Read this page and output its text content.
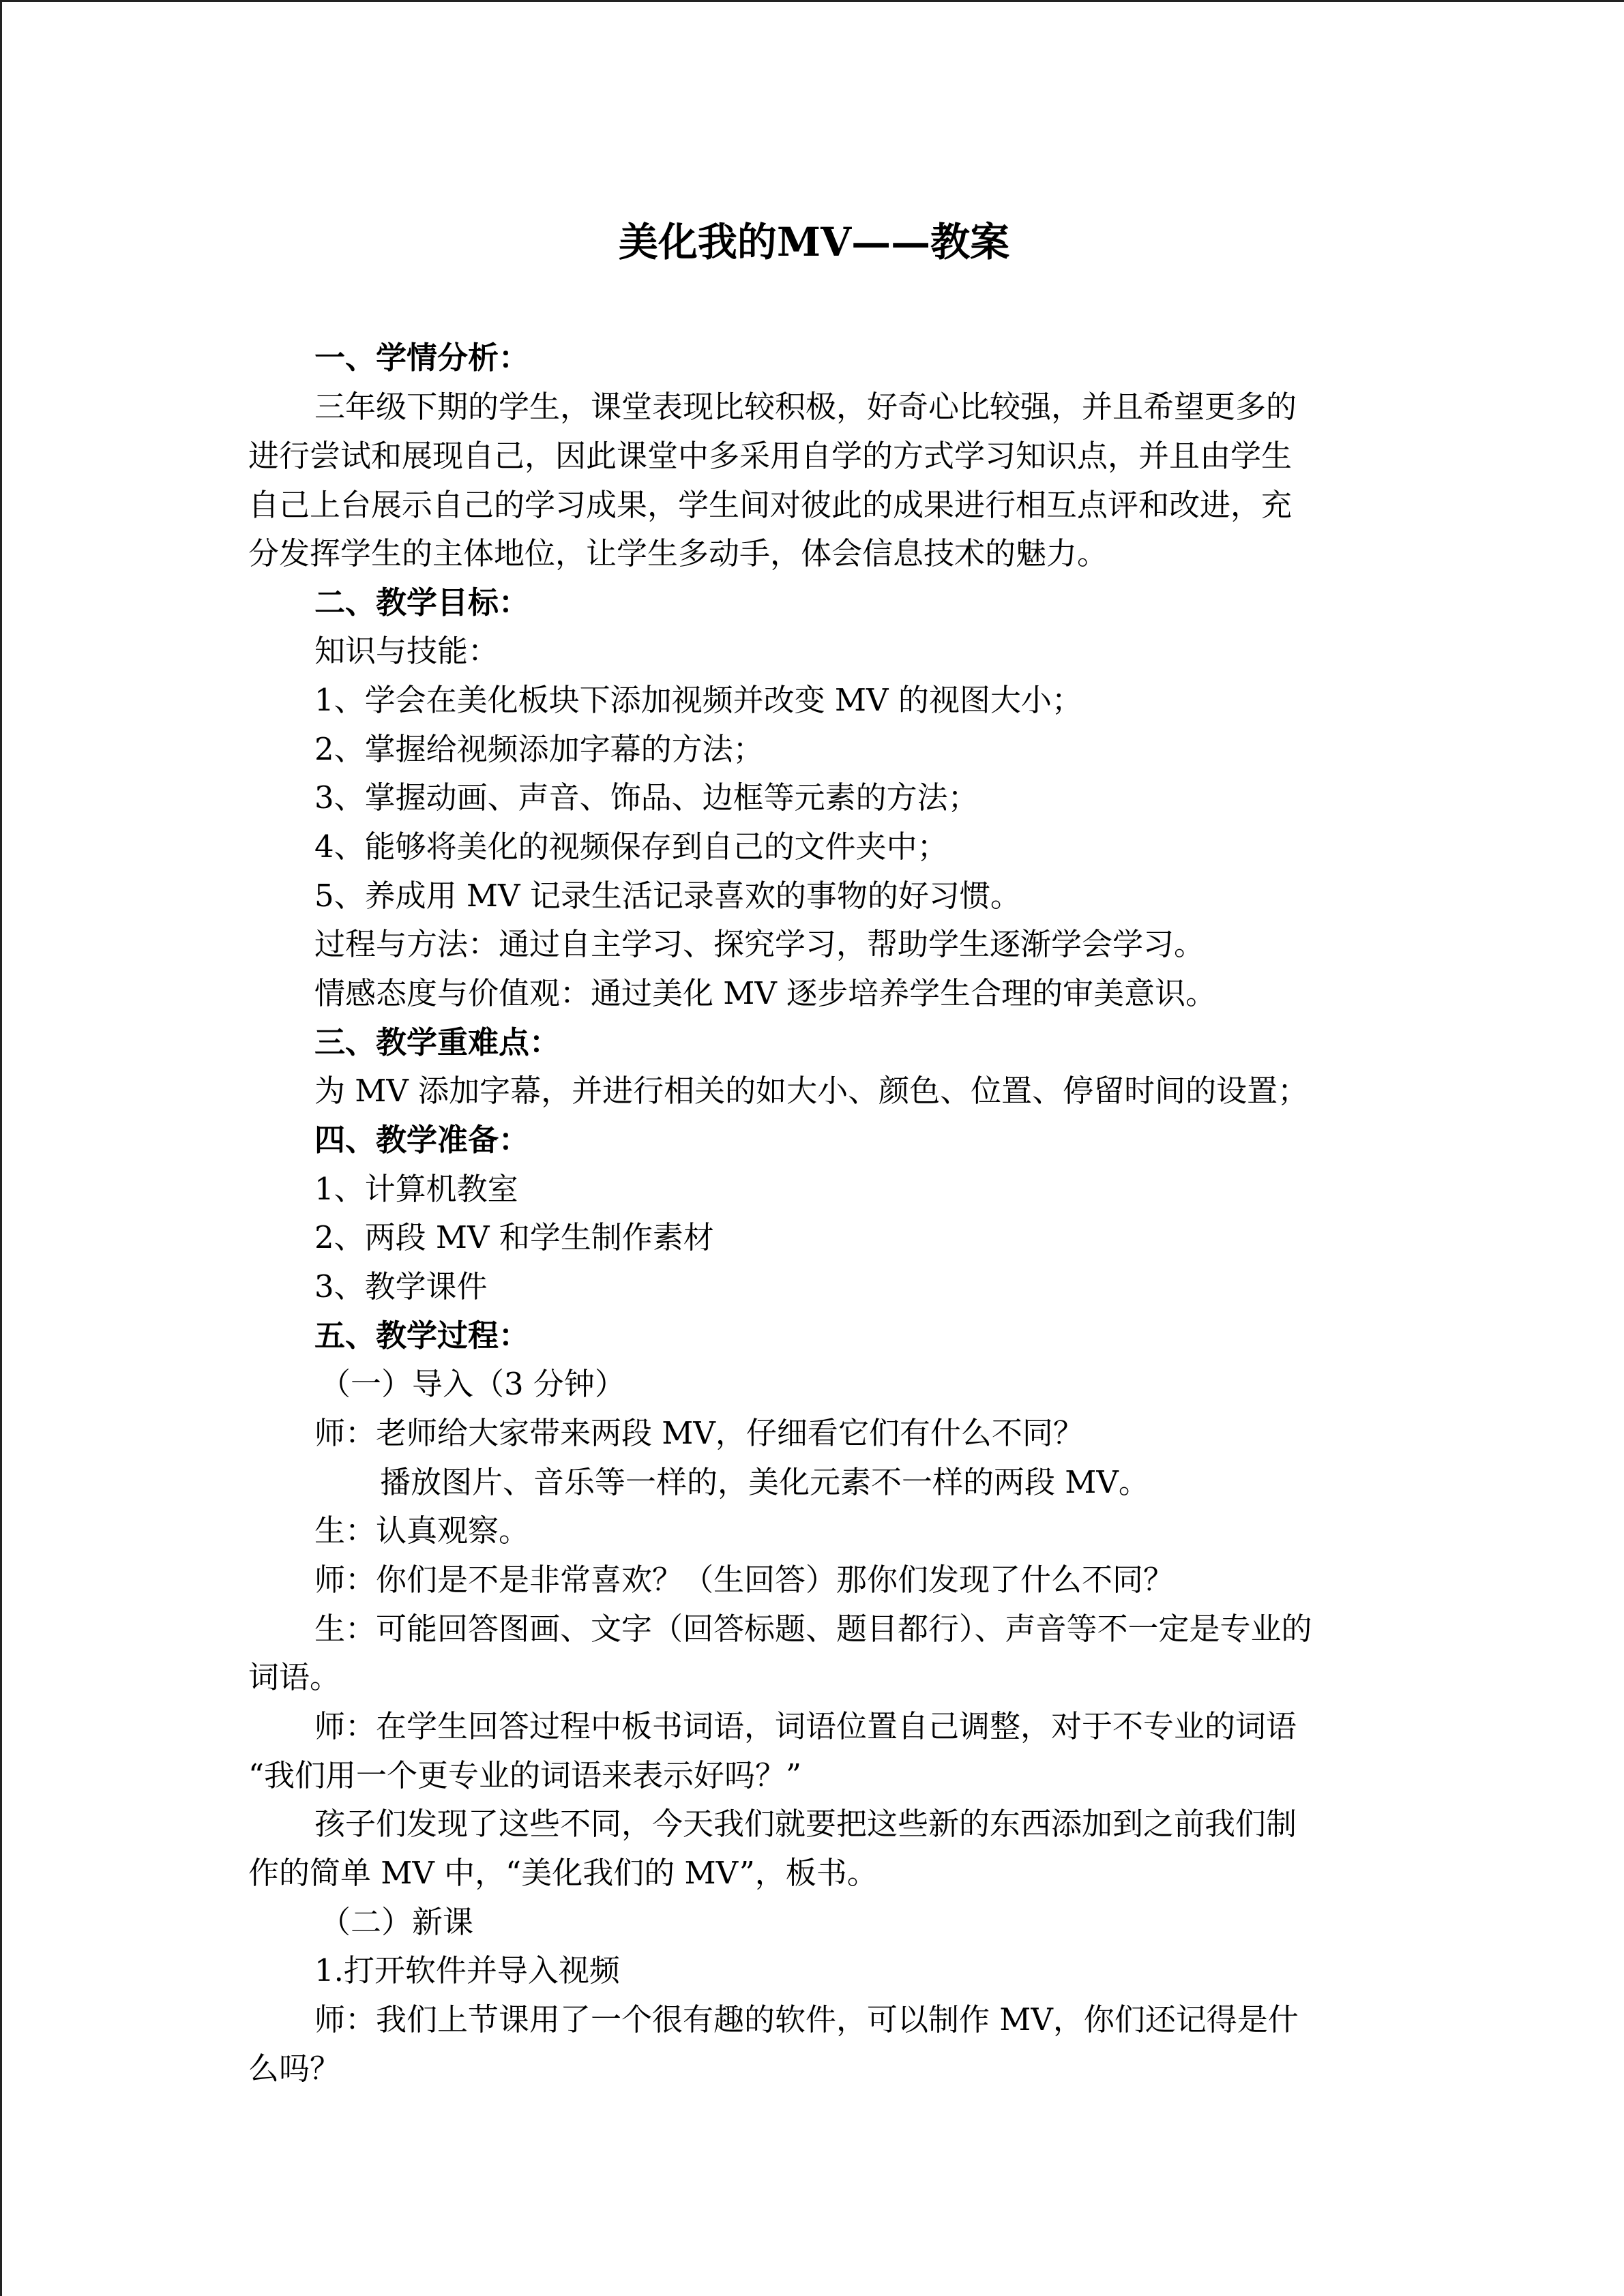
美化我的MV——教案
一、学情分析：
三年级下期的学生，课堂表现比较积极，好奇心比较强，并且希望更多的
进行尝试和展现自己，因此课堂中多采用自学的方式学习知识点，并且由学生
自己上台展示自己的学习成果，学生间对彼此的成果进行相互点评和改进，充
分发挥学生的主体地位，让学生多动手，体会信息技术的魅力。
二、教学目标：
知识与技能：
1、学会在美化板块下添加视频并改变 MV 的视图大小；
2、掌握给视频添加字幕的方法；
3、掌握动画、声音、饰品、边框等元素的方法；
4、能够将美化的视频保存到自己的文件夹中；
5、养成用 MV 记录生活记录喜欢的事物的好习惯。
过程与方法：通过自主学习、探究学习，帮助学生逐渐学会学习。
情感态度与价值观：通过美化 MV 逐步培养学生合理的审美意识。
三、教学重难点：
为 MV 添加字幕，并进行相关的如大小、颜色、位置、停留时间的设置；
四、教学准备：
1、计算机教室
2、两段 MV 和学生制作素材
3、教学课件
五、教学过程：
（一）导入（3 分钟）
师：老师给大家带来两段 MV，仔细看它们有什么不同？
播放图片、音乐等一样的，美化元素不一样的两段 MV。
生：认真观察。
师：你们是不是非常喜欢？（生回答）那你们发现了什么不同？
生：可能回答图画、文字（回答标题、题目都行）、声音等不一定是专业的
词语。
师：在学生回答过程中板书词语，词语位置自己调整，对于不专业的词语
“我们用一个更专业的词语来表示好吗？”
孩子们发现了这些不同，今天我们就要把这些新的东西添加到之前我们制
作的简单 MV 中，“美化我们的 MV”，板书。
（二）新课
1.打开软件并导入视频
师：我们上节课用了一个很有趣的软件，可以制作 MV，你们还记得是什
么吗？
